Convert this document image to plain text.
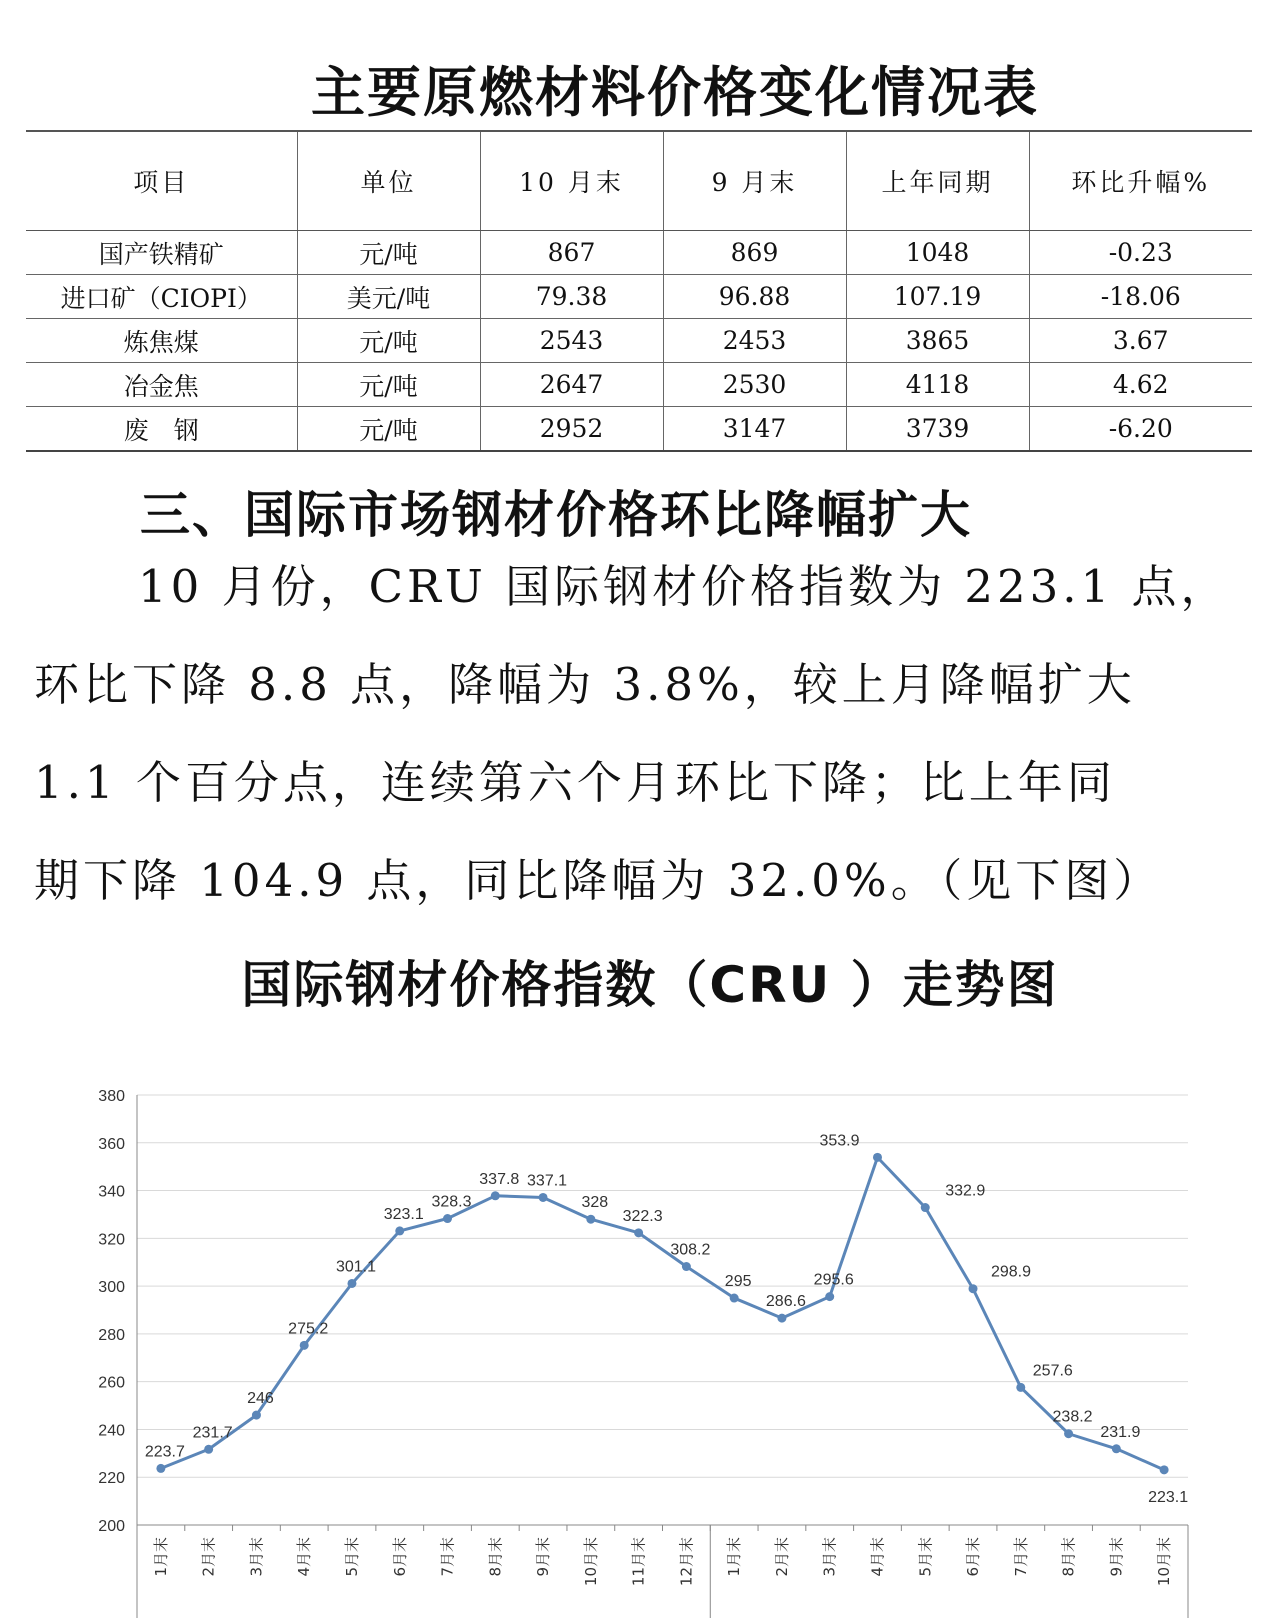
主要原燃材料价格变化情况表
项目	单位	10 月末	9 月末	上年同期	环比升幅%
国产铁精矿	元/吨	867	869	1048	-0.23
进口矿（CIOPI）	美元/吨	79.38	96.88	107.19	-18.06
炼焦煤	元/吨	2543	2453	3865	3.67
冶金焦	元/吨	2647	2530	4118	4.62
废　钢	元/吨	2952	3147	3739	-6.20
三、国际市场钢材价格环比降幅扩大
10 月份，CRU 国际钢材价格指数为 223.1 点，
环比下降 8.8 点，降幅为 3.8%，较上月降幅扩大
1.1 个百分点，连续第六个月环比下降；比上年同
期下降 104.9 点，同比降幅为 32.0%。（见下图）
国际钢材价格指数（CRU ）走势图
200
220
240
260
280
300
320
340
360
380
1月末 2月末 3月末 4月末 5月末 6月末 7月末 8月末 9月末 10月末 11月末 12月末 1月末 2月末 3月末 4月末 5月末 6月末 7月末 8月末 9月末 10月末
223.7
231.7
246
275.2
301.1
323.1
328.3
337.8 337.1
328
322.3
308.2
295
286.6
295.6
353.9
332.9
298.9
257.6
238.2
231.9
223.1
